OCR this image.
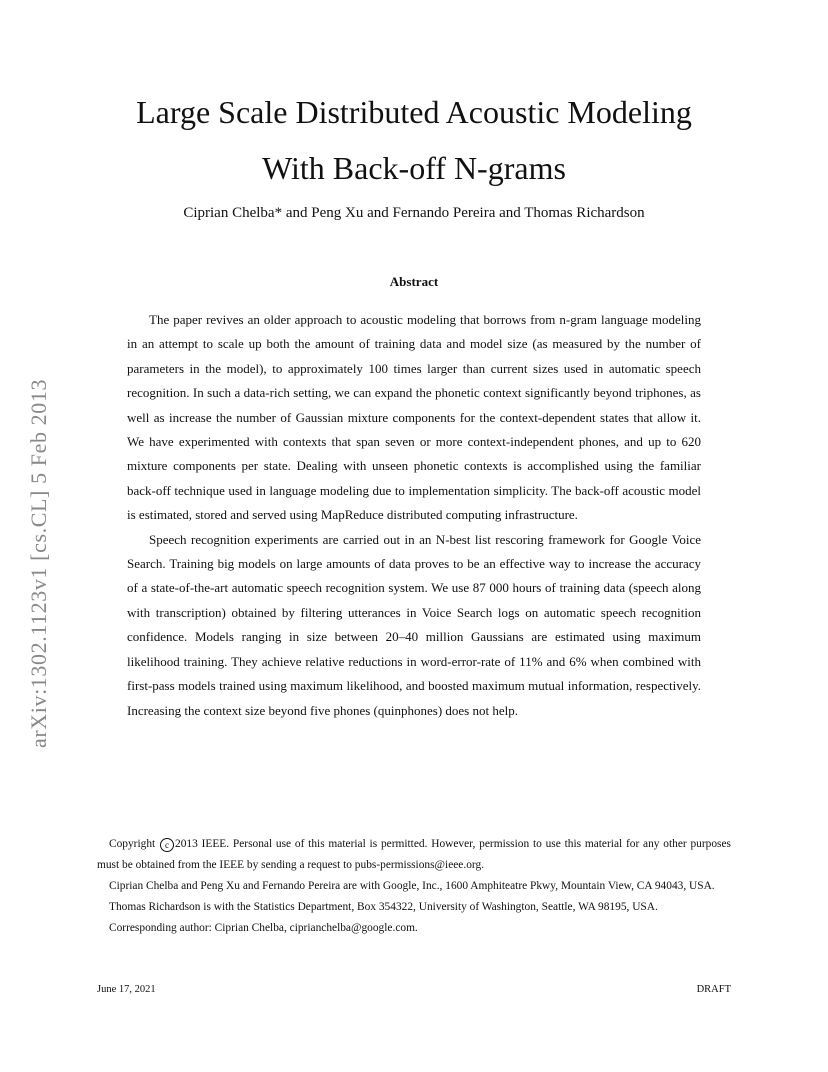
arXiv:1302.1123v1 [cs.CL] 5 Feb 2013
Large Scale Distributed Acoustic Modeling
With Back-off N-grams
Ciprian Chelba* and Peng Xu and Fernando Pereira and Thomas Richardson
Abstract

The paper revives an older approach to acoustic modeling that borrows from n-gram language modeling in an attempt to scale up both the amount of training data and model size (as measured by the number of parameters in the model), to approximately 100 times larger than current sizes used in automatic speech recognition. In such a data-rich setting, we can expand the phonetic context significantly beyond triphones, as well as increase the number of Gaussian mixture components for the context-dependent states that allow it. We have experimented with contexts that span seven or more context-independent phones, and up to 620 mixture components per state. Dealing with unseen phonetic contexts is accomplished using the familiar back-off technique used in language modeling due to implementation simplicity. The back-off acoustic model is estimated, stored and served using MapReduce distributed computing infrastructure.

Speech recognition experiments are carried out in an N-best list rescoring framework for Google Voice Search. Training big models on large amounts of data proves to be an effective way to increase the accuracy of a state-of-the-art automatic speech recognition system. We use 87 000 hours of training data (speech along with transcription) obtained by filtering utterances in Voice Search logs on automatic speech recognition confidence. Models ranging in size between 20–40 million Gaussians are estimated using maximum likelihood training. They achieve relative reductions in word-error-rate of 11% and 6% when combined with first-pass models trained using maximum likelihood, and boosted maximum mutual information, respectively. Increasing the context size beyond five phones (quinphones) does not help.

Copyright c 2013 IEEE. Personal use of this material is permitted. However, permission to use this material for any other purposes must be obtained from the IEEE by sending a request to pubs-permissions@ieee.org.

Ciprian Chelba and Peng Xu and Fernando Pereira are with Google, Inc., 1600 Amphiteatre Pkwy, Mountain View, CA 94043, USA.

Thomas Richardson is with the Statistics Department, Box 354322, University of Washington, Seattle, WA 98195, USA.

Corresponding author: Ciprian Chelba, ciprianchelba@google.com.

June 17, 2021	DRAFT
